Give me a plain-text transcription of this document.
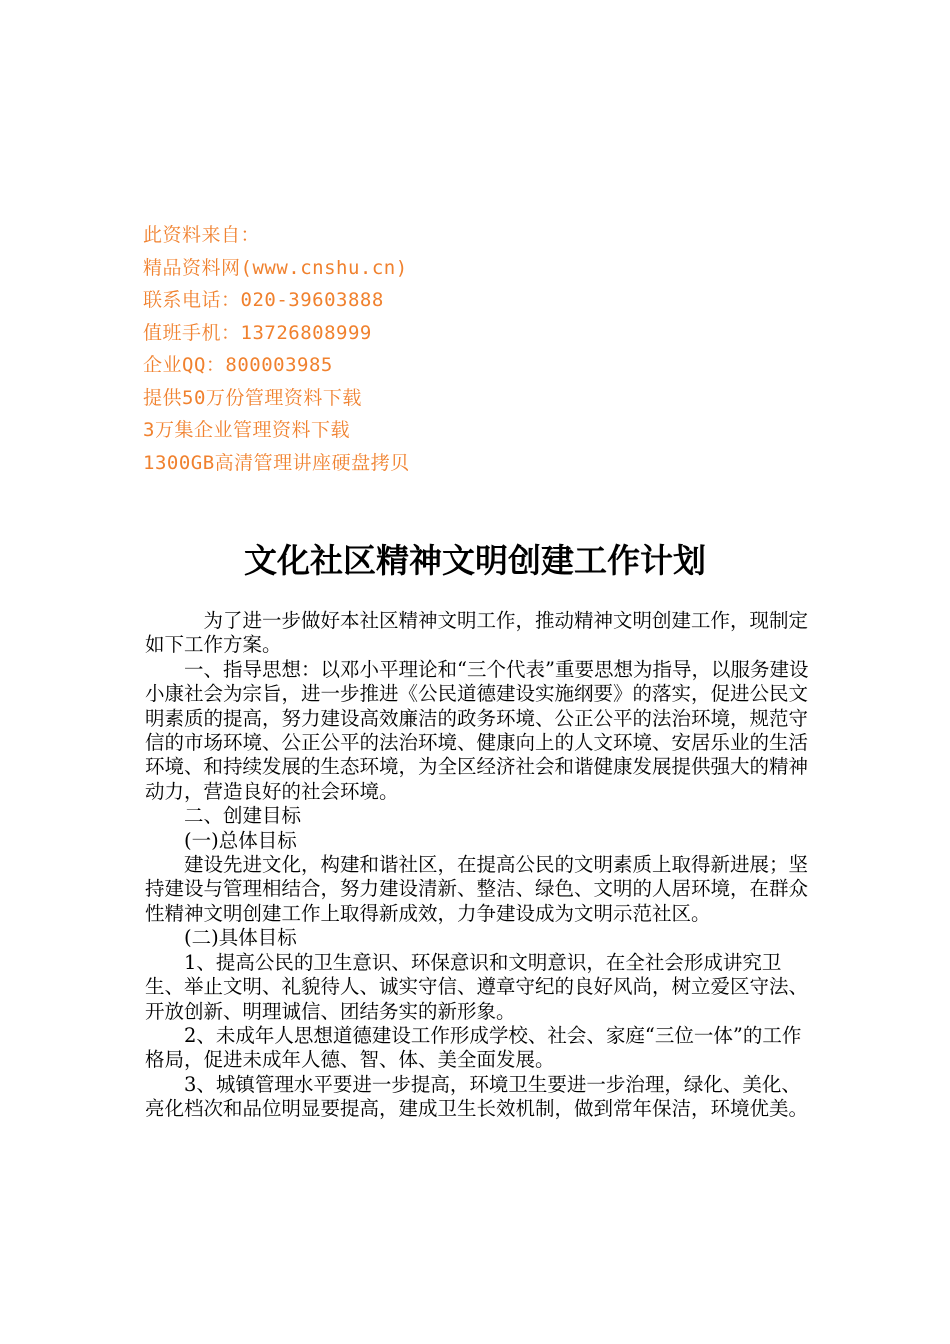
此资料来自：
精品资料网(www.cnshu.cn)
联系电话：020-39603888
值班手机：13726808999
企业QQ：800003985
提供50万份管理资料下载
3万集企业管理资料下载
1300GB高清管理讲座硬盘拷贝
文化社区精神文明创建工作计划

　　　为了进一步做好本社区精神文明工作，推动精神文明创建工作，现制定如下工作方案。

　　一、指导思想：以邓小平理论和“三个代表”重要思想为指导，以服务建设小康社会为宗旨，进一步推进《公民道德建设实施纲要》的落实，促进公民文明素质的提高，努力建设高效廉洁的政务环境、公正公平的法治环境，规范守信的市场环境、公正公平的法治环境、健康向上的人文环境、安居乐业的生活环境、和持续发展的生态环境，为全区经济社会和谐健康发展提供强大的精神动力，营造良好的社会环境。

　　二、创建目标

　　(一)总体目标

　　建设先进文化，构建和谐社区，在提高公民的文明素质上取得新进展；坚持建设与管理相结合，努力建设清新、整洁、绿色、文明的人居环境，在群众性精神文明创建工作上取得新成效，力争建设成为文明示范社区。

　　(二)具体目标

　　1、提高公民的卫生意识、环保意识和文明意识，在全社会形成讲究卫生、举止文明、礼貌待人、诚实守信、遵章守纪的良好风尚，树立爱区守法、开放创新、明理诚信、团结务实的新形象。

　　2、未成年人思想道德建设工作形成学校、社会、家庭“三位一体”的工作格局，促进未成年人德、智、体、美全面发展。

　　3、城镇管理水平要进一步提高，环境卫生要进一步治理，绿化、美化、亮化档次和品位明显要提高，建成卫生长效机制，做到常年保洁，环境优美。
